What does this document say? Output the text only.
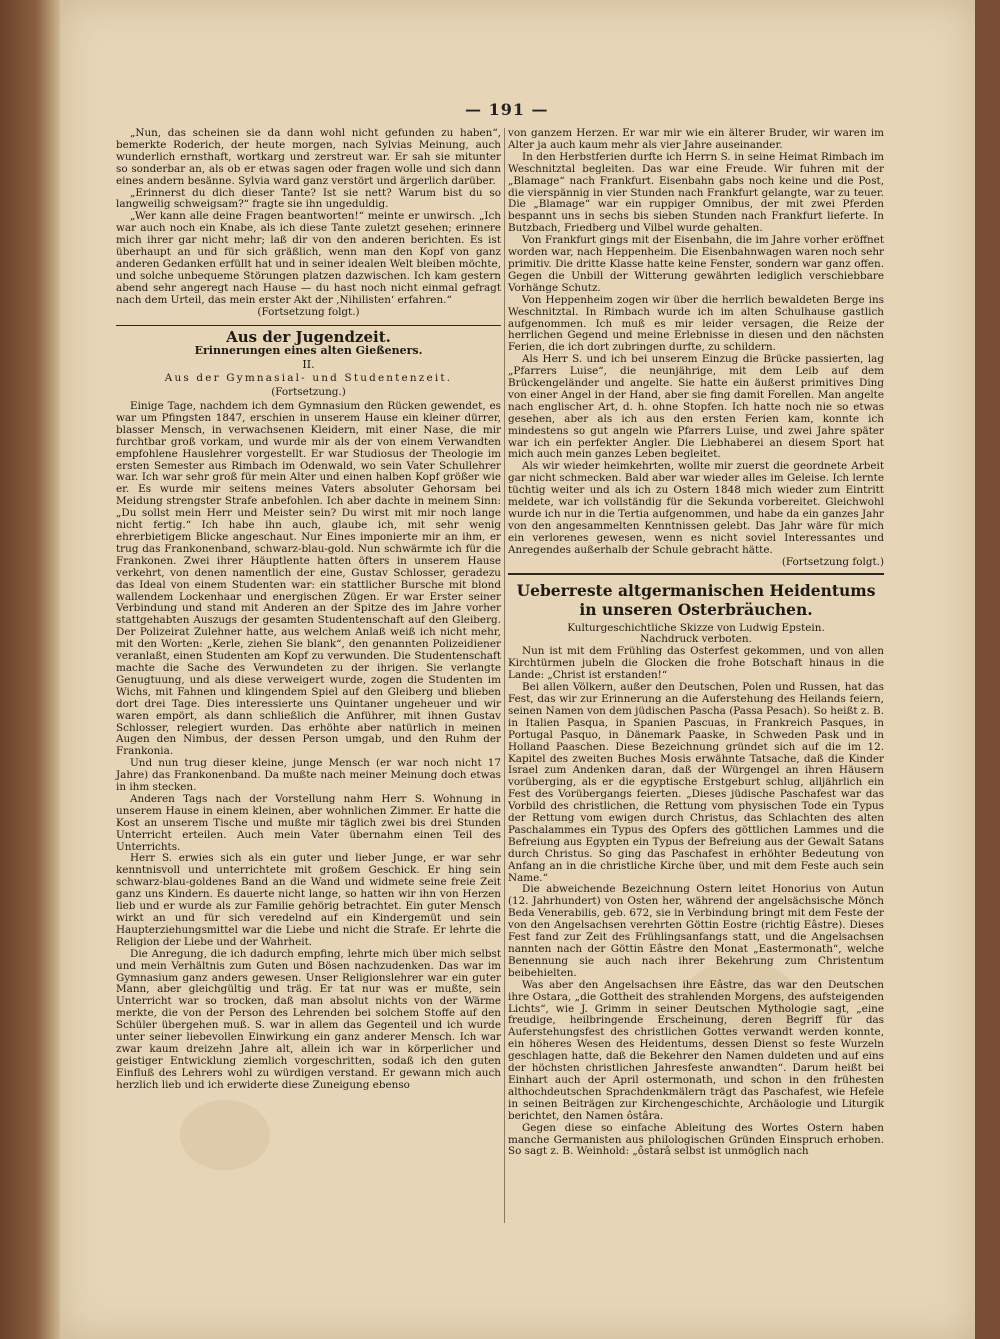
— 191 —

„Nun, das scheinen sie da dann wohl nicht gefunden zu haben“, bemerkte Roderich, der heute morgen, nach Sylvias Meinung, auch wunderlich ernsthaft, wortkarg und zerstreut war. Er sah sie mitunter so sonderbar an, als ob er etwas sagen oder fragen wolle und sich dann eines andern besänne. Sylvia ward ganz verstört und ärgerlich darüber.

„Erinnerst du dich dieser Tante? Ist sie nett? Warum bist du so langweilig schweigsam?“ fragte sie ihn ungeduldig.

„Wer kann alle deine Fragen beantworten!“ meinte er unwirsch. „Ich war auch noch ein Knabe, als ich diese Tante zuletzt gesehen; erinnere mich ihrer gar nicht mehr; laß dir von den anderen berichten. Es ist überhaupt an und für sich gräßlich, wenn man den Kopf von ganz anderen Gedanken erfüllt hat und in seiner idealen Welt bleiben möchte, und solche unbequeme Störungen platzen dazwischen. Ich kam gestern abend sehr angeregt nach Hause — du hast noch nicht einmal gefragt nach dem Urteil, das mein erster Akt der ‚Nihilisten‘ erfahren.“

(Fortsetzung folgt.)

Aus der Jugendzeit.
Erinnerungen eines alten Gießeners.
II.
Aus der Gymnasial- und Studentenzeit.
(Fortsetzung.)

Einige Tage, nachdem ich dem Gymnasium den Rücken gewendet, es war um Pfingsten 1847, erschien in unserem Hause ein kleiner dürrer, blasser Mensch, in verwachsenen Kleidern, mit einer Nase, die mir furchtbar groß vorkam, und wurde mir als der von einem Verwandten empfohlene Hauslehrer vorgestellt. Er war Studiosus der Theologie im ersten Semester aus Rimbach im Odenwald, wo sein Vater Schullehrer war. Ich war sehr groß für mein Alter und einen halben Kopf größer wie er. Es wurde mir seitens meines Vaters absoluter Gehorsam bei Meidung strengster Strafe anbefohlen. Ich aber dachte in meinem Sinn: „Du sollst mein Herr und Meister sein? Du wirst mit mir noch lange nicht fertig.“ Ich habe ihn auch, glaube ich, mit sehr wenig ehrerbietigem Blicke angeschaut. Nur Eines imponierte mir an ihm, er trug das Frankonenband, schwarz-blau-gold. Nun schwärmte ich für die Frankonen. Zwei ihrer Häuptlente hatten öfters in unserem Hause verkehrt, von denen namentlich der eine, Gustav Schlosser, geradezu das Ideal von einem Studenten war: ein stattlicher Bursche mit blond wallendem Lockenhaar und energischen Zügen. Er war Erster seiner Verbindung und stand mit Anderen an der Spitze des im Jahre vorher stattgehabten Auszugs der gesamten Studentenschaft auf den Gleiberg. Der Polizeirat Zulehner hatte, aus welchem Anlaß weiß ich nicht mehr, mit den Worten: „Kerle, ziehen Sie blank“, den genannten Polizeidiener veranlaßt, einen Studenten am Kopf zu verwunden. Die Studentenschaft machte die Sache des Verwundeten zu der ihrigen. Sie verlangte Genugtuung, und als diese verweigert wurde, zogen die Studenten im Wichs, mit Fahnen und klingendem Spiel auf den Gleiberg und blieben dort drei Tage. Dies interessierte uns Quintaner ungeheuer und wir waren empört, als dann schließlich die Anführer, mit ihnen Gustav Schlosser, relegiert wurden. Das erhöhte aber natürlich in meinen Augen den Nimbus, der dessen Person umgab, und den Ruhm der Frankonia.

Und nun trug dieser kleine, junge Mensch (er war noch nicht 17 Jahre) das Frankonenband. Da mußte nach meiner Meinung doch etwas in ihm stecken.

Anderen Tags nach der Vorstellung nahm Herr S. Wohnung in unserem Hause in einem kleinen, aber wohnlichen Zimmer. Er hatte die Kost an unserem Tische und mußte mir täglich zwei bis drei Stunden Unterricht erteilen. Auch mein Vater übernahm einen Teil des Unterrichts.

Herr S. erwies sich als ein guter und lieber Junge, er war sehr kenntnisvoll und unterrichtete mit großem Geschick. Er hing sein schwarz-blau-goldenes Band an die Wand und widmete seine freie Zeit ganz uns Kindern. Es dauerte nicht lange, so hatten wir ihn von Herzen lieb und er wurde als zur Familie gehörig betrachtet. Ein guter Mensch wirkt an und für sich veredelnd auf ein Kindergemüt und sein Haupterziehungsmittel war die Liebe und nicht die Strafe. Er lehrte die Religion der Liebe und der Wahrheit.

Die Anregung, die ich dadurch empfing, lehrte mich über mich selbst und mein Verhältnis zum Guten und Bösen nachzudenken. Das war im Gymnasium ganz anders gewesen. Unser Religionslehrer war ein guter Mann, aber gleichgültig und träg. Er tat nur was er mußte, sein Unterricht war so trocken, daß man absolut nichts von der Wärme merkte, die von der Person des Lehrenden bei solchem Stoffe auf den Schüler übergehen muß. S. war in allem das Gegenteil und ich wurde unter seiner liebevollen Einwirkung ein ganz anderer Mensch. Ich war zwar kaum dreizehn Jahre alt, allein ich war in körperlicher und geistiger Entwicklung ziemlich vorgeschritten, sodaß ich den guten Einfluß des Lehrers wohl zu würdigen verstand. Er gewann mich auch herzlich lieb und ich erwiderte diese Zuneigung ebenso

von ganzem Herzen. Er war mir wie ein älterer Bruder, wir waren im Alter ja auch kaum mehr als vier Jahre auseinander.

In den Herbstferien durfte ich Herrn S. in seine Heimat Rimbach im Weschnitztal begleiten. Das war eine Freude. Wir fuhren mit der „Blamage“ nach Frankfurt. Eisenbahn gabs noch keine und die Post, die vierspännig in vier Stunden nach Frankfurt gelangte, war zu teuer. Die „Blamage“ war ein ruppiger Omnibus, der mit zwei Pferden bespannt uns in sechs bis sieben Stunden nach Frankfurt lieferte. In Butzbach, Friedberg und Vilbel wurde gehalten.

Von Frankfurt gings mit der Eisenbahn, die im Jahre vorher eröffnet worden war, nach Heppenheim. Die Eisenbahnwagen waren noch sehr primitiv. Die dritte Klasse hatte keine Fenster, sondern war ganz offen. Gegen die Unbill der Witterung gewährten lediglich verschiebbare Vorhänge Schutz.

Von Heppenheim zogen wir über die herrlich bewaldeten Berge ins Weschnitztal. In Rimbach wurde ich im alten Schulhause gastlich aufgenommen. Ich muß es mir leider versagen, die Reize der herrlichen Gegend und meine Erlebnisse in diesen und den nächsten Ferien, die ich dort zubringen durfte, zu schildern.

Als Herr S. und ich bei unserem Einzug die Brücke passierten, lag „Pfarrers Luise“, die neunjährige, mit dem Leib auf dem Brückengeländer und angelte. Sie hatte ein äußerst primitives Ding von einer Angel in der Hand, aber sie fing damit Forellen. Man angelte nach englischer Art, d. h. ohne Stopfen. Ich hatte noch nie so etwas gesehen, aber als ich aus den ersten Ferien kam, konnte ich mindestens so gut angeln wie Pfarrers Luise, und zwei Jahre später war ich ein perfekter Angler. Die Liebhaberei an diesem Sport hat mich auch mein ganzes Leben begleitet.

Als wir wieder heimkehrten, wollte mir zuerst die geordnete Arbeit gar nicht schmecken. Bald aber war wieder alles im Geleise. Ich lernte tüchtig weiter und als ich zu Ostern 1848 mich wieder zum Eintritt meldete, war ich vollständig für die Sekunda vorbereitet. Gleichwohl wurde ich nur in die Tertia aufgenommen, und habe da ein ganzes Jahr von den angesammelten Kenntnissen gelebt. Das Jahr wäre für mich ein verlorenes gewesen, wenn es nicht soviel Interessantes und Anregendes außerhalb der Schule gebracht hätte.

(Fortsetzung folgt.)

Ueberreste altgermanischen Heidentums in unseren Osterbräuchen.

Kulturgeschichtliche Skizze von Ludwig Epstein.

Nachdruck verboten.

Nun ist mit dem Frühling das Osterfest gekommen, und von allen Kirchtürmen jubeln die Glocken die frohe Botschaft hinaus in die Lande: „Christ ist erstanden!“

Bei allen Völkern, außer den Deutschen, Polen und Russen, hat das Fest, das wir zur Erinnerung an die Auferstehung des Heilands feiern, seinen Namen von dem jüdischen Pascha (Passa Pesach). So heißt z. B. in Italien Pasqua, in Spanien Pascuas, in Frankreich Pasques, in Portugal Pasquo, in Dänemark Paaske, in Schweden Pask und in Holland Paaschen. Diese Bezeichnung gründet sich auf die im 12. Kapitel des zweiten Buches Mosis erwähnte Tatsache, daß die Kinder Israel zum Andenken daran, daß der Würgengel an ihren Häusern vorüberging, als er die egyptische Erstgeburt schlug, alljährlich ein Fest des Vorübergangs feierten. „Dieses jüdische Paschafest war das Vorbild des christlichen, die Rettung vom physischen Tode ein Typus der Rettung vom ewigen durch Christus, das Schlachten des alten Paschalammes ein Typus des Opfers des göttlichen Lammes und die Befreiung aus Egypten ein Typus der Befreiung aus der Gewalt Satans durch Christus. So ging das Paschafest in erhöhter Bedeutung von Anfang an in die christliche Kirche über, und mit dem Feste auch sein Name.“

Die abweichende Bezeichnung Ostern leitet Honorius von Autun (12. Jahrhundert) von Osten her, während der angelsächsische Mönch Beda Venerabilis, geb. 672, sie in Verbindung bringt mit dem Feste der von den Angelsachsen verehrten Göttin Eostre (richtig Eâstre). Dieses Fest fand zur Zeit des Frühlingsanfangs statt, und die Angelsachsen nannten nach der Göttin Eâstre den Monat „Eastermonath“, welche Benennung sie auch nach ihrer Bekehrung zum Christentum beibehielten.

Was aber den Angelsachsen ihre Eâstre, das war den Deutschen ihre Ostara, „die Gottheit des strahlenden Morgens, des aufsteigenden Lichts“, wie J. Grimm in seiner Deutschen Mythologie sagt, „eine freudige, heilbringende Erscheinung, deren Begriff für das Auferstehungsfest des christlichen Gottes verwandt werden konnte, ein höheres Wesen des Heidentums, dessen Dienst so feste Wurzeln geschlagen hatte, daß die Bekehrer den Namen duldeten und auf eins der höchsten christlichen Jahresfeste anwandten“. Darum heißt bei Einhart auch der April ostermonath, und schon in den frühesten althochdeutschen Sprachdenkmälern trägt das Paschafest, wie Hefele in seinen Beiträgen zur Kirchengeschichte, Archäologie und Liturgik berichtet, den Namen ôstâra.

Gegen diese so einfache Ableitung des Wortes Ostern haben manche Germanisten aus philologischen Gründen Einspruch erhoben. So sagt z. B. Weinhold: „ôstarâ selbst ist unmöglich nach
